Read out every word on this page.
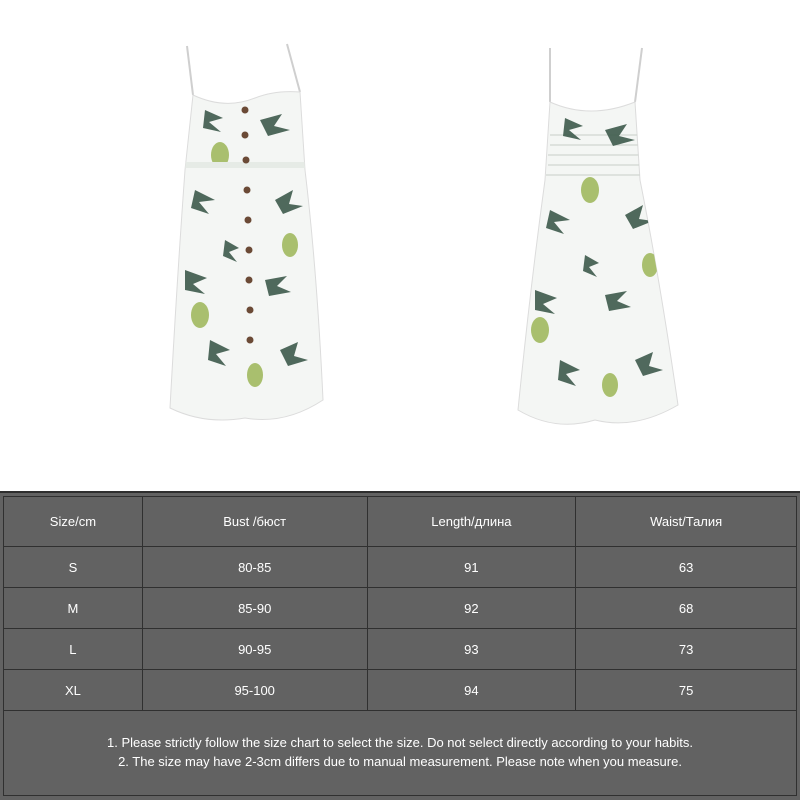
Size/cm	Bust /бюст	Length/длина	Waist/Талия
S	80-85	91	63
M	85-90	92	68
L	90-95	93	73
XL	95-100	94	75
1. Please strictly follow the size chart to select the size. Do not select directly according to your habits.
2. The size may have 2-3cm differs due to manual measurement. Please note when you measure.
